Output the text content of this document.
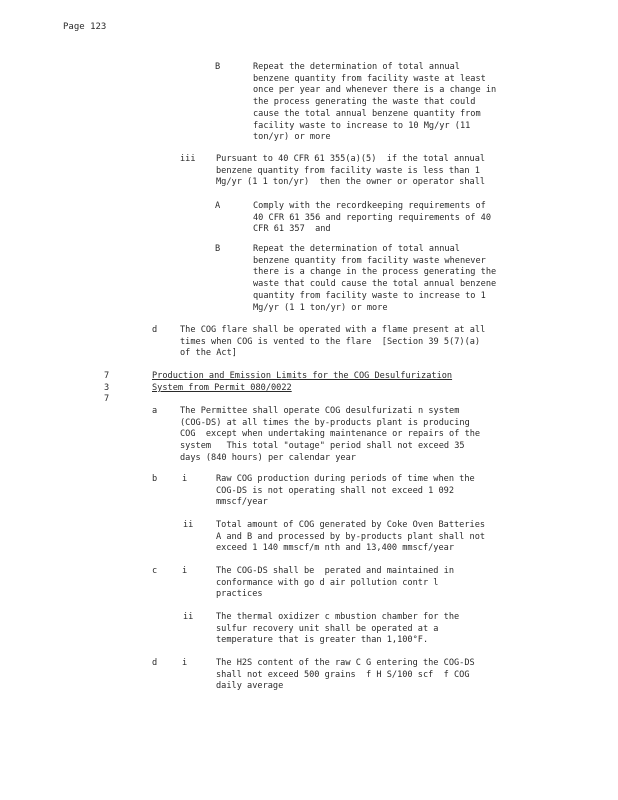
Page 123
B	Repeat the determination of total annual
benzene quantity from facility waste at least
once per year and whenever there is a change in
the process generating the waste that could
cause the total annual benzene quantity from
facility waste to increase to 10 Mg/yr (11
ton/yr) or more
iii Pursuant to 40 CFR 61 355(a)(5)  if the total annual
benzene quantity from facility waste is less than 1
Mg/yr (1 1 ton/yr)  then the owner or operator shall
A	Comply with the recordkeeping requirements of
40 CFR 61 356 and reporting requirements of 40
CFR 61 357  and
B	Repeat the determination of total annual
benzene quantity from facility waste whenever
there is a change in the process generating the
waste that could cause the total annual benzene
quantity from facility waste to increase to 1
Mg/yr (1 1 ton/yr) or more
d	The COG flare shall be operated with a flame present at all
times when COG is vented to the flare  [Section 39 5(7)(a)
of the Act]
7 3 7
Production and Emission Limits for the COG Desulfurization
System from Permit 080/0022
a	The Permittee shall operate COG desulfurizati n system
(COG-DS) at all times the by-products plant is producing
COG  except when undertaking maintenance or repairs of the
system   This total "outage" period shall not exceed 35
days (840 hours) per calendar year
b	i	Raw COG production during periods of time when the
COG-DS is not operating shall not exceed 1 092
mmscf/year
ii	Total amount of COG generated by Coke Oven Batteries
A and B and processed by by-products plant shall not
exceed 1 140 mmscf/m nth and 13,400 mmscf/year
c	i	The COG-DS shall be  perated and maintained in
conformance with go d air pollution contr l
practices
ii	The thermal oxidizer c mbustion chamber for the
sulfur recovery unit shall be operated at a
temperature that is greater than 1,100°F.
d	i	The H2S content of the raw C G entering the COG-DS
shall not exceed 500 grains  f H S/100 scf  f COG
daily average
